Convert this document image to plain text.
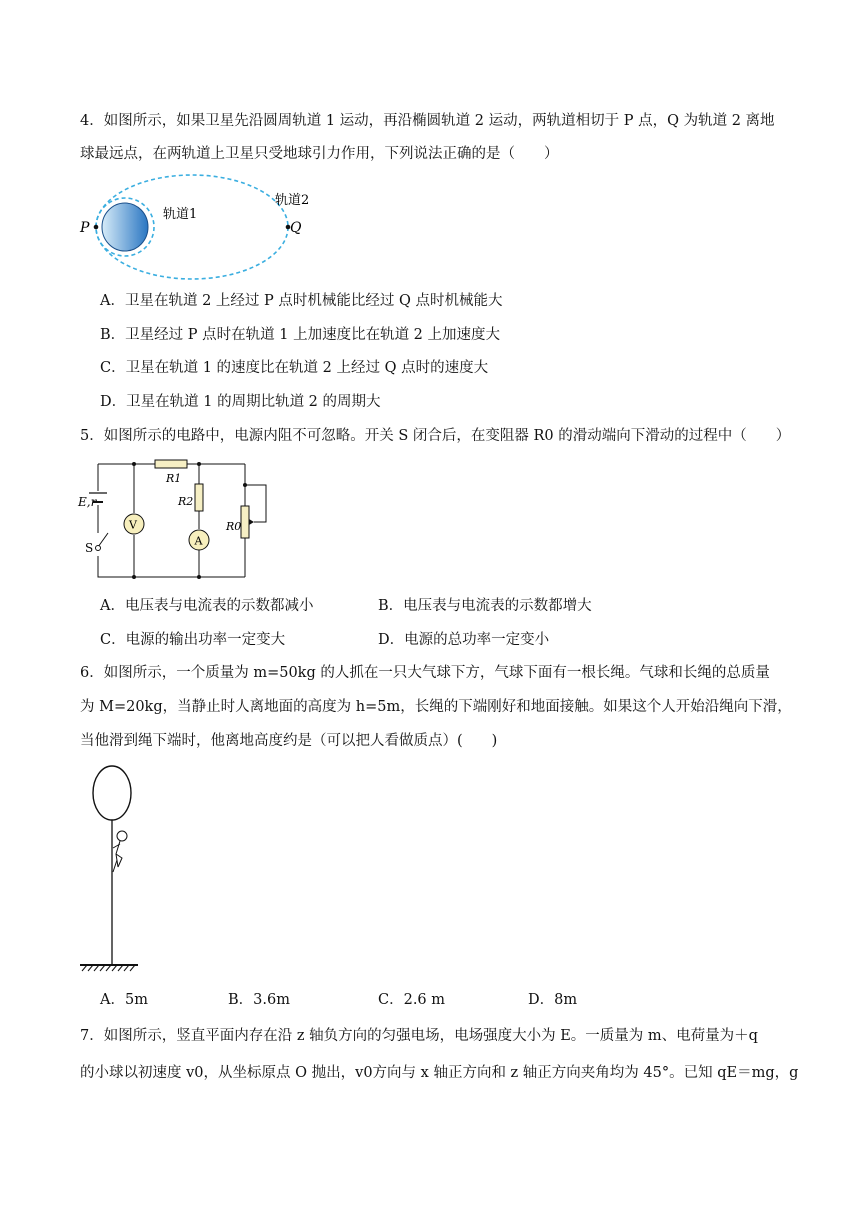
4．如图所示，如果卫星先沿圆周轨道 1 运动，再沿椭圆轨道 2 运动，两轨道相切于 P 点，Q 为轨道 2 离地
球最远点，在两轨道上卫星只受地球引力作用，下列说法正确的是（　　）
P	Q
轨道1
轨道2
A．卫星在轨道 2 上经过 P 点时机械能比经过 Q 点时机械能大
B．卫星经过 P 点时在轨道 1 上加速度比在轨道 2 上加速度大
C．卫星在轨道 1 的速度比在轨道 2 上经过 Q 点时的速度大
D．卫星在轨道 1 的周期比轨道 2 的周期大
5．如图所示的电路中，电源内阻不可忽略。开关 S 闭合后，在变阻器 R0 的滑动端向下滑动的过程中（　　）
V
A
E,r
S
R1
R2
R0
A．电压表与电流表的示数都减小	B．电压表与电流表的示数都增大
C．电源的输出功率一定变大	D．电源的总功率一定变小
6．如图所示，一个质量为 m=50kg 的人抓在一只大气球下方，气球下面有一根长绳。气球和长绳的总质量
为 M=20kg，当静止时人离地面的高度为 h=5m，长绳的下端刚好和地面接触。如果这个人开始沿绳向下滑，
当他滑到绳下端时，他离地高度约是（可以把人看做质点）(　　)
A．5m	B．3.6m	C．2.6 m	D．8m
7．如图所示，竖直平面内存在沿 z 轴负方向的匀强电场，电场强度大小为 E。一质量为 m、电荷量为＋q
的小球以初速度 v0，从坐标原点 O 抛出，v0方向与 x 轴正方向和 z 轴正方向夹角均为 45°。已知 qE＝mg，g
